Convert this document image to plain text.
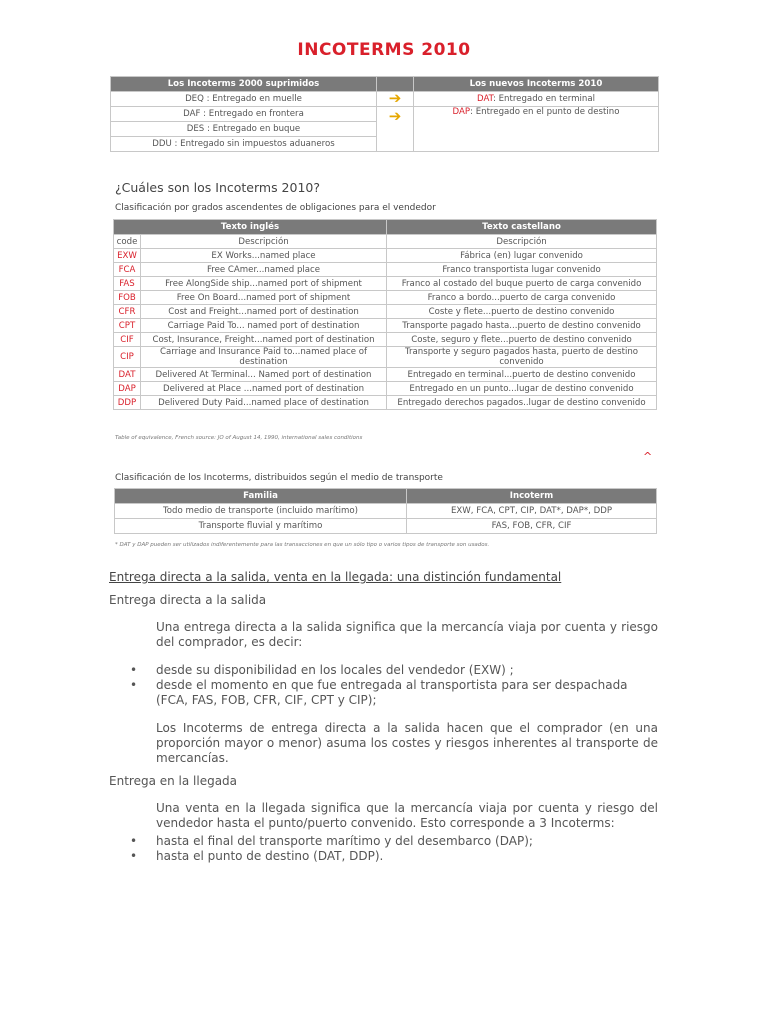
INCOTERMS 2010
Los Incoterms 2000 suprimidos		Los nuevos Incoterms 2010
DEQ : Entregado en muelle	➔	DAT: Entregado en terminal
DAF : Entregado en frontera	➔	DAP: Entregado en el punto de destino
DES : Entregado en buque		
DDU : Entregado sin impuestos aduaneros		
¿Cuáles son los Incoterms 2010?
Clasificación por grados ascendentes de obligaciones para el vendedor
Texto inglés		Texto castellano
code	Descripción	Descripción
EXW	EX Works...named place	Fábrica (en) lugar convenido
FCA	Free CAmer...named place	Franco transportista lugar convenido
FAS	Free AlongSide ship...named port of shipment	Franco al costado del buque puerto de carga convenido
FOB	Free On Board...named port of shipment	Franco a bordo...puerto de carga convenido
CFR	Cost and Freight...named port of destination	Coste y flete...puerto de destino convenido
CPT	Carriage Paid To... named port of destination	Transporte pagado hasta...puerto de destino convenido
CIF	Cost, Insurance, Freight...named port of destination	Coste, seguro y flete...puerto de destino convenido
CIP	Carriage and Insurance Paid to...named place of destination	Transporte y seguro pagados hasta, puerto de destino convenido
DAT	Delivered At Terminal... Named port of destination	Entregado en terminal...puerto de destino convenido
DAP	Delivered at Place ...named port of destination	Entregado en un punto...lugar de destino convenido
DDP	Delivered Duty Paid...named place of destination	Entregado derechos pagados..lugar de destino convenido
Table of equivalence, French source: JO of August 14, 1990, international sales conditions
^
Clasificación de los Incoterms, distribuidos según el medio de transporte
Familia	Incoterm
Todo medio de transporte (incluido marítimo)	EXW, FCA, CPT, CIP, DAT*, DAP*, DDP
Transporte fluvial y marítimo	FAS, FOB, CFR, CIF
* DAT y DAP pueden ser utilizados indiferentemente para las transacciones en que un sólo tipo o varios tipos de transporte son usados.
Entrega directa a la salida, venta en la llegada: una distinción fundamental
Entrega directa a la salida
Una entrega directa a la salida significa que la mercancía viaja por cuenta y riesgo del comprador, es decir:
• desde su disponibilidad en los locales del vendedor (EXW) ;
• desde el momento en que fue entregada al transportista para ser despachada (FCA, FAS, FOB, CFR, CIF, CPT y CIP);
Los Incoterms de entrega directa a la salida hacen que el comprador (en una proporción mayor o menor) asuma los costes y riesgos inherentes al transporte de mercancías.
Entrega en la llegada
Una venta en la llegada significa que la mercancía viaja por cuenta y riesgo del vendedor hasta el punto/puerto convenido. Esto corresponde a 3 Incoterms:
• hasta el final del transporte marítimo y del desembarco (DAP);
• hasta el punto de destino (DAT, DDP).
